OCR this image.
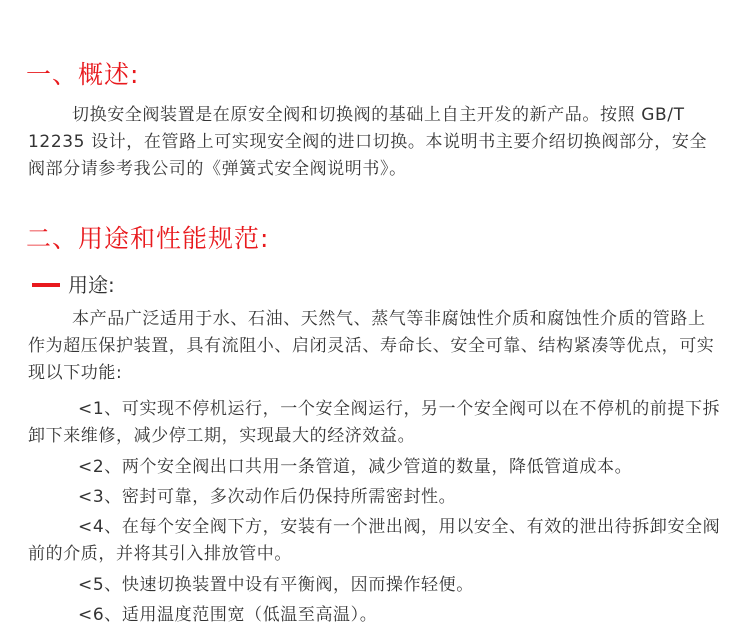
一、概述:

切换安全阀装置是在原安全阀和切换阀的基础上自主开发的新产品。按照 GB/T 12235 设计，在管路上可实现安全阀的进口切换。本说明书主要介绍切换阀部分，安全阀部分请参考我公司的《弹簧式安全阀说明书》。

二、用途和性能规范:
用途:

本产品广泛适用于水、石油、天然气、蒸气等非腐蚀性介质和腐蚀性介质的管路上作为超压保护装置，具有流阻小、启闭灵活、寿命长、安全可靠、结构紧凑等优点，可实现以下功能:

<1、可实现不停机运行，一个安全阀运行，另一个安全阀可以在不停机的前提下拆卸下来维修，减少停工期，实现最大的经济效益。

<2、两个安全阀出口共用一条管道，减少管道的数量，降低管道成本。

<3、密封可靠，多次动作后仍保持所需密封性。

<4、在每个安全阀下方，安装有一个泄出阀，用以安全、有效的泄出待拆卸安全阀前的介质，并将其引入排放管中。

<5、快速切换装置中设有平衡阀，因而操作轻便。

<6、适用温度范围宽（低温至高温）。
